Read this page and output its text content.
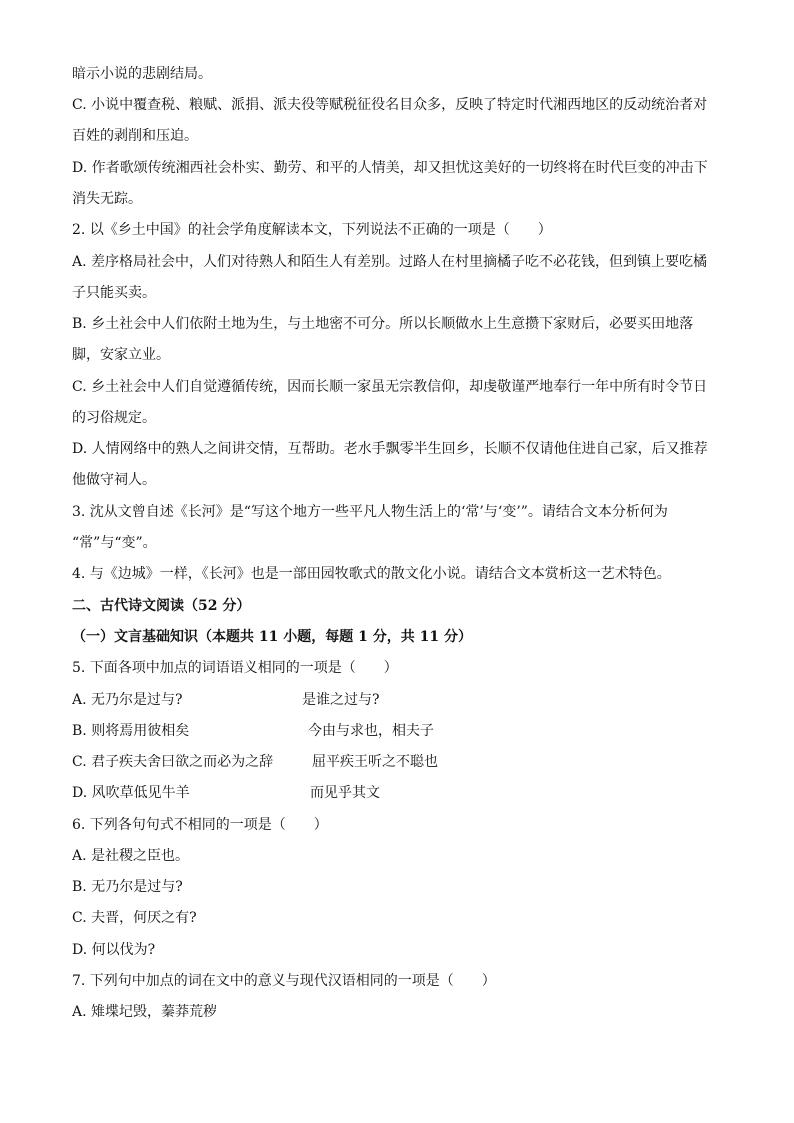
暗示小说的悲剧结局。
C. 小说中覆查税、粮赋、派捐、派夫役等赋税征役名目众多，反映了特定时代湘西地区的反动统治者对
百姓的剥削和压迫。
D. 作者歌颂传统湘西社会朴实、勤劳、和平的人情美，却又担忧这美好的一切终将在时代巨变的冲击下
消失无踪。
2. 以《乡土中国》的社会学角度解读本文，下列说法不正确的一项是（　　）
A. 差序格局社会中，人们对待熟人和陌生人有差别。过路人在村里摘橘子吃不必花钱，但到镇上要吃橘
子只能买卖。
B. 乡土社会中人们依附土地为生，与土地密不可分。所以长顺做水上生意攒下家财后，必要买田地落
脚，安家立业。
C. 乡土社会中人们自觉遵循传统，因而长顺一家虽无宗教信仰，却虔敬谨严地奉行一年中所有时令节日
的习俗规定。
D. 人情网络中的熟人之间讲交情，互帮助。老水手飘零半生回乡，长顺不仅请他住进自己家，后又推荐
他做守祠人。
3. 沈从文曾自述《长河》是“写这个地方一些平凡人物生活上的‘常’与‘变’”。请结合文本分析何为
“常”与“变”。
4. 与《边城》一样，《长河》也是一部田园牧歌式的散文化小说。请结合文本赏析这一艺术特色。
二、古代诗文阅读（52 分）
（一）文言基础知识（本题共 11 小题，每题 1 分，共 11 分）
5. 下面各项中加点的词语语义相同的一项是（　　）
A. 无乃尔是过与?	是谁之过与?
B. 则将焉用彼相矣	今由与求也，相夫子
C. 君子疾夫舍曰欲之而必为之辞	屈平疾王听之不聪也
D. 风吹草低见牛羊	而见乎其文
6. 下列各句句式不相同的一项是（　　）
A. 是社稷之臣也。
B. 无乃尔是过与?
C. 夫晋，何厌之有?
D. 何以伐为?
7. 下列句中加点的词在文中的意义与现代汉语相同的一项是（　　）
A. 雉堞圮毁，蓁莽荒秽
